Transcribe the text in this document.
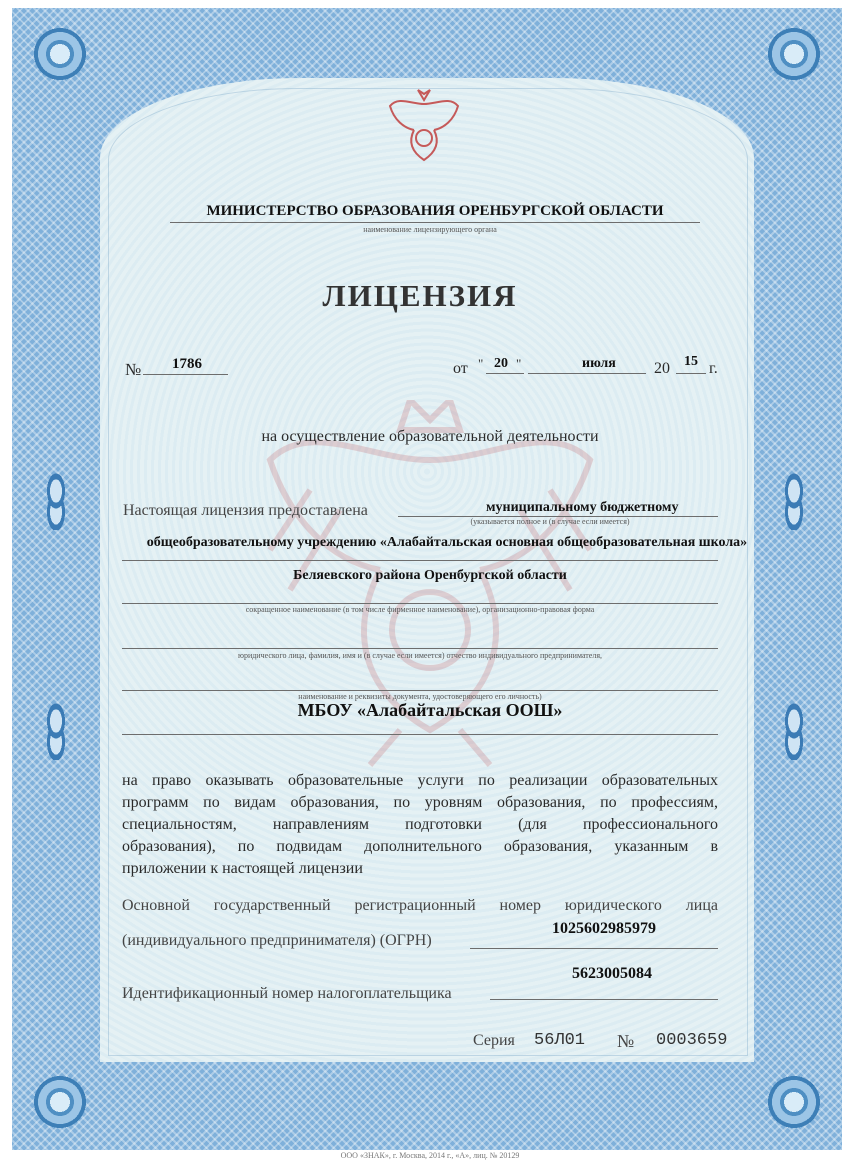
МИНИСТЕРСТВО ОБРАЗОВАНИЯ ОРЕНБУРГСКОЙ ОБЛАСТИ
наименование лицензирующего органа
ЛИЦЕНЗИЯ
№ 1786	от " 20 "	июля 20 15 г.
на осуществление образовательной деятельности
Настоящая лицензия предоставлена	муниципальному бюджетному
(указывается полное и (в случае если имеется)
общеобразовательному учреждению «Алабайтальская основная общеобразовательная школа»
Беляевского района Оренбургской области
сокращенное наименование (в том числе фирменное наименование), организационно-правовая форма
юридического лица, фамилия, имя и (в случае если имеется) отчество индивидуального предпринимателя,
наименование и реквизиты документа, удостоверяющего его личность)
МБОУ «Алабайтальская ООШ»
на право оказывать образовательные услуги по реализации образовательных
программ по видам образования, по уровням образования, по профессиям,
специальностям, направлениям подготовки (для профессионального
образования), по подвидам дополнительного образования, указанным в
приложении к настоящей лицензии
Основной государственный регистрационный номер юридического лица
(индивидуального предпринимателя) (ОГРН)
1025602985979
5623005084
Идентификационный номер налогоплательщика
Серия 56Л01 № 0003659
ООО «ЗНАК», г. Москва, 2014 г., «А», лиц. № 20129
